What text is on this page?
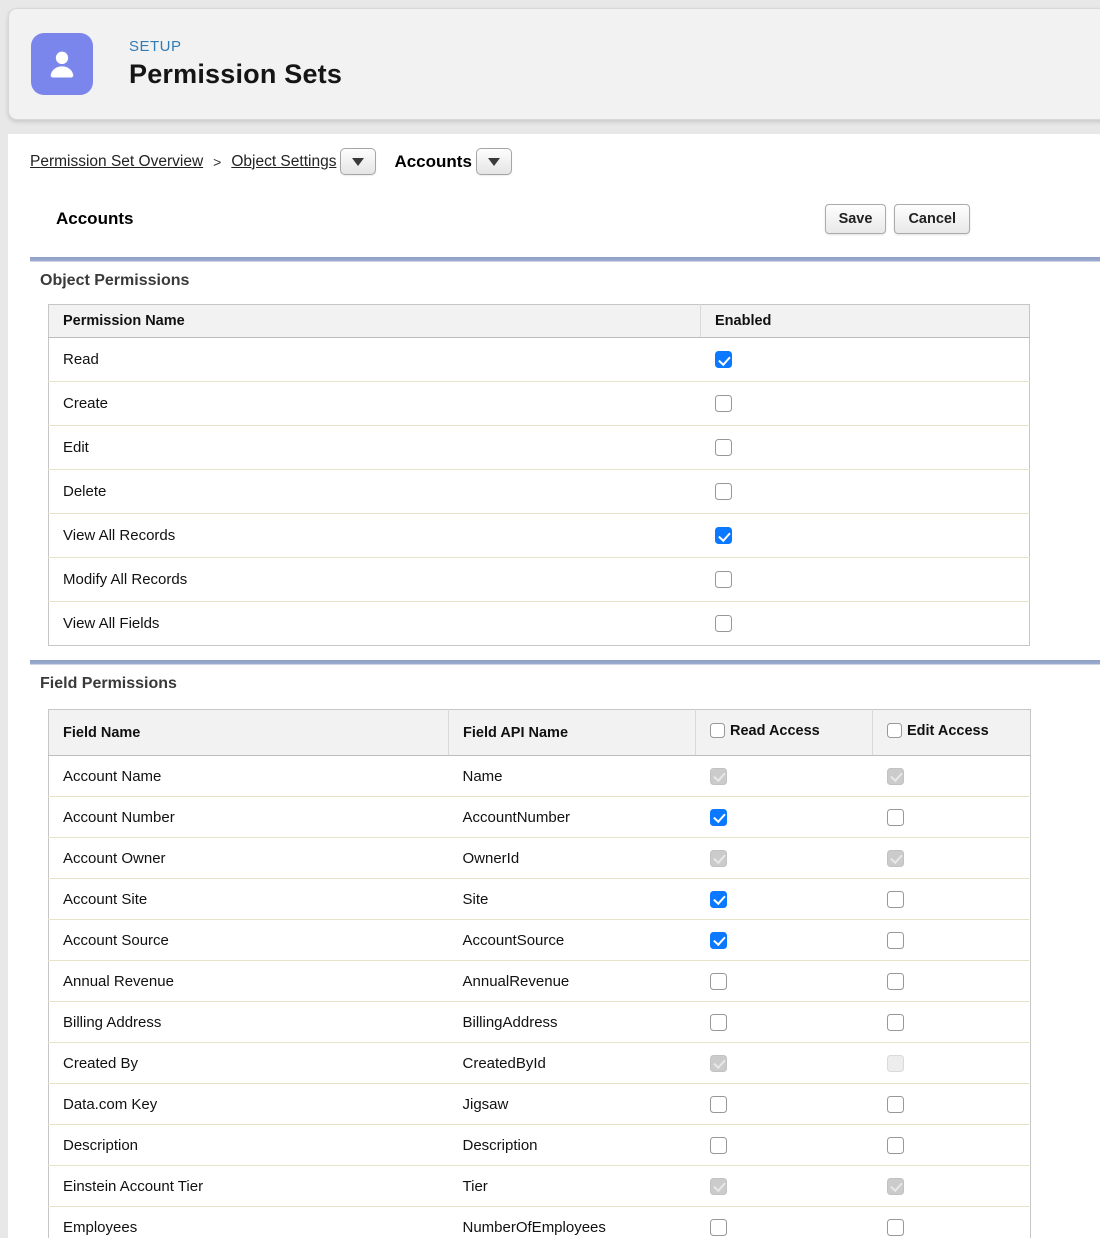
SETUP
Permission Sets
Permission Set Overview > Object Settings	Accounts
Accounts	Save	Cancel
Object Permissions
Permission Name	Enabled
Read	
Create	
Edit	
Delete	
View All Records	
Modify All Records	
View All Fields	
Field Permissions
Field Name	Field API Name	Read Access	Edit Access

Account Name	Name		
Account Number	AccountNumber		
Account Owner	OwnerId		
Account Site	Site		
Account Source	AccountSource		
Annual Revenue	AnnualRevenue		
Billing Address	BillingAddress		
Created By	CreatedById		
Data.com Key	Jigsaw		
Description	Description		
Einstein Account Tier	Tier		
Employees	NumberOfEmployees		
